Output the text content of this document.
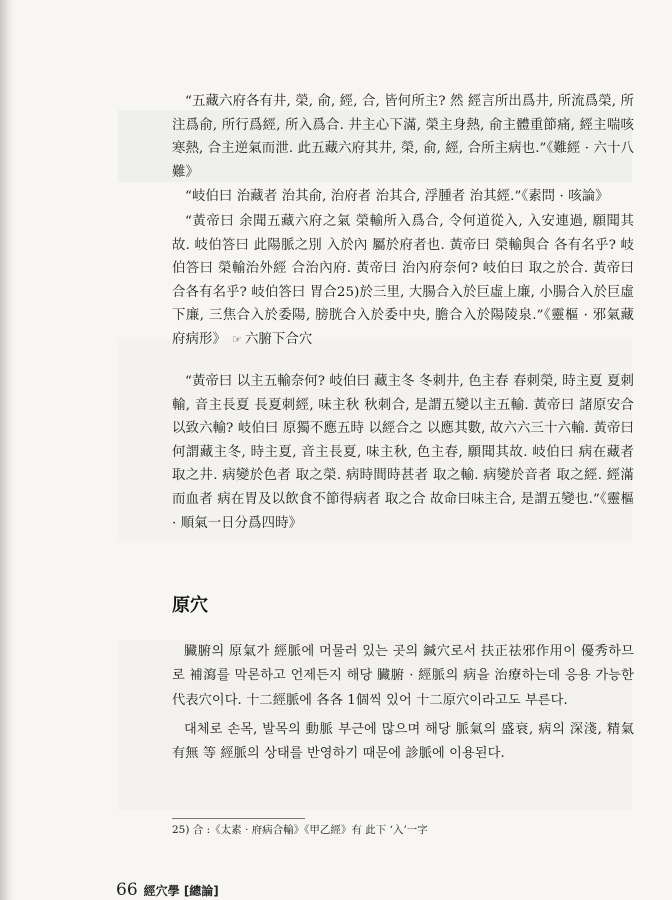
“五藏六府各有井, 榮, 俞, 經, 合, 皆何所主? 然 經言所出爲井, 所流爲榮, 所注爲俞, 所行爲經, 所入爲合. 井主心下滿, 榮主身熱, 俞主體重節痛, 經主喘咳寒熱, 合主逆氣而泄. 此五藏六府其井, 榮, 俞, 經, 合所主病也.”《難經 · 六十八難》

“岐伯曰 治藏者 治其俞, 治府者 治其合, 浮腫者 治其經.”《素問 · 咳論》

“黃帝曰 余聞五藏六府之氣 榮輸所入爲合, 令何道從入, 入安連過, 願聞其故. 岐伯答曰 此陽脈之別 入於內 屬於府者也. 黃帝曰 榮輸與合 各有名乎? 岐伯答曰 榮輸治外經 合治內府. 黃帝曰 治內府奈何? 岐伯曰 取之於合. 黃帝曰 合各有名乎? 岐伯答曰 胃合25)於三里, 大腸合入於巨虛上廉, 小腸合入於巨虛下廉, 三焦合入於委陽, 膀胱合入於委中央, 膽合入於陽陵泉.”《靈樞 · 邪氣藏府病形》 ☞ 六腑下合穴

“黃帝曰 以主五輸奈何? 岐伯曰 藏主冬 冬刺井, 色主春 春刺榮, 時主夏 夏刺輸, 音主長夏 長夏刺經, 味主秋 秋刺合, 是謂五變以主五輸. 黃帝曰 諸原安合 以致六輸? 岐伯曰 原獨不應五時 以經合之 以應其數, 故六六三十六輸. 黃帝曰 何謂藏主冬, 時主夏, 音主長夏, 味主秋, 色主春, 願聞其故. 岐伯曰 病在藏者 取之井. 病變於色者 取之榮. 病時間時甚者 取之輸. 病變於音者 取之經. 經滿而血者 病在胃及以飲食不節得病者 取之合 故命曰味主合, 是謂五變也.”《靈樞 · 順氣一日分爲四時》

原穴

臟腑의 原氣가 經脈에 머물러 있는 곳의 鍼穴로서 扶正祛邪作用이 優秀하므로 補瀉를 막론하고 언제든지 해당 臟腑 · 經脈의 病을 治療하는데 응용 가능한 代表穴이다. 十二經脈에 各各 1個씩 있어 十二原穴이라고도 부른다.

대체로 손목, 발목의 動脈 부근에 많으며 해당 脈氣의 盛衰, 病의 深淺, 精氣有無 等 經脈의 상태를 반영하기 때문에 診脈에 이용된다.

25) 合 :《太素 · 府病合輸》《甲乙經》有 此下 ‘入’一字

66 經穴學 [總論]
